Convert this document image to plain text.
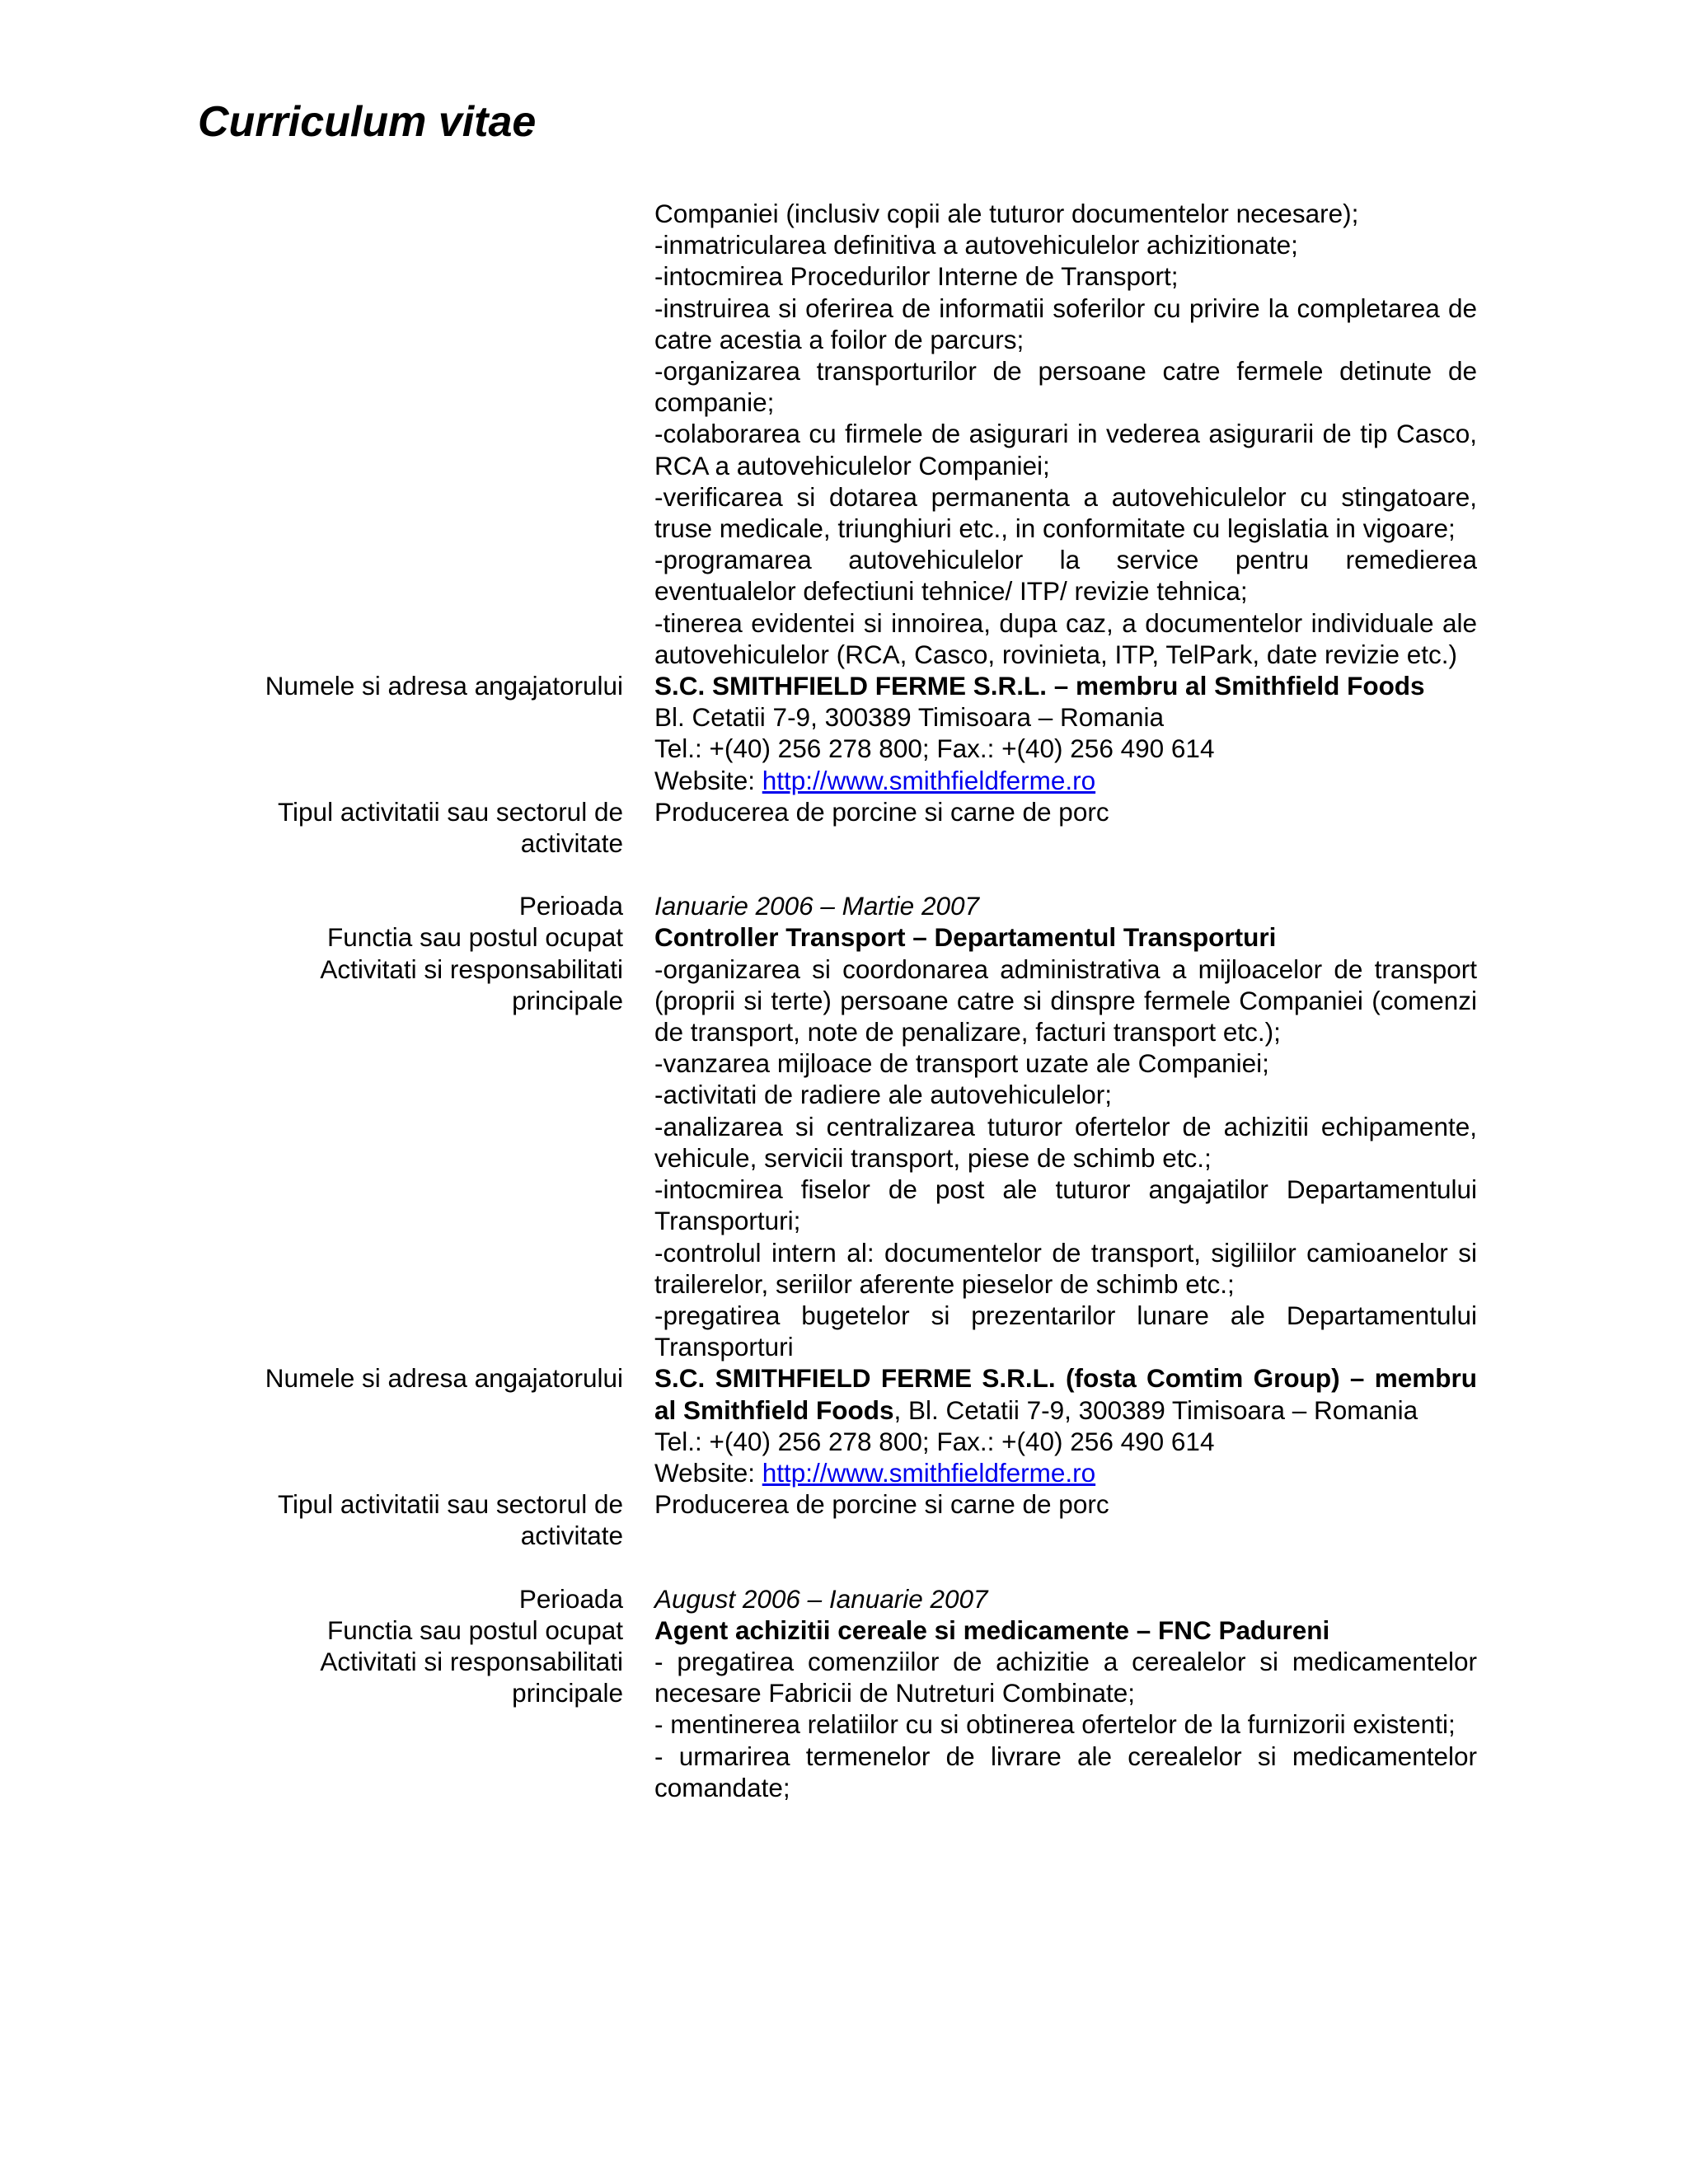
Curriculum vitae
Companiei (inclusiv copii ale tuturor documentelor necesare);
-inmatricularea definitiva a autovehiculelor achizitionate;
-intocmirea Procedurilor Interne de Transport;
-instruirea si oferirea de informatii soferilor cu privire la completarea de catre acestia a foilor de parcurs;
-organizarea transporturilor de persoane catre fermele detinute de companie;
-colaborarea cu firmele de asigurari in vederea asigurarii de tip Casco, RCA a autovehiculelor Companiei;
-verificarea si dotarea permanenta a autovehiculelor cu stingatoare, truse medicale, triunghiuri etc., in conformitate cu legislatia in vigoare;
-programarea autovehiculelor la service pentru remedierea eventualelor defectiuni tehnice/ ITP/ revizie tehnica;
-tinerea evidentei si innoirea, dupa caz, a documentelor individuale ale autovehiculelor (RCA, Casco, rovinieta, ITP, TelPark, date revizie etc.)
Numele si adresa angajatorului S.C. SMITHFIELD FERME S.R.L. – membru al Smithfield Foods
Bl. Cetatii 7-9, 300389 Timisoara – Romania
Tel.: +(40) 256 278 800; Fax.: +(40) 256 490 614
Website: http://www.smithfieldferme.ro
Tipul activitatii sau sectorul de
activitate
Producerea de porcine si carne de porc
Perioada Ianuarie 2006 – Martie 2007
Functia sau postul ocupat Controller Transport – Departamentul Transporturi
Activitati si responsabilitati
principale
-organizarea si coordonarea administrativa a mijloacelor de transport (proprii si terte) persoane catre si dinspre fermele Companiei (comenzi de transport, note de penalizare, facturi transport etc.);
-vanzarea mijloace de transport uzate ale Companiei;
-activitati de radiere ale autovehiculelor;
-analizarea si centralizarea tuturor ofertelor de achizitii echipamente, vehicule, servicii transport, piese de schimb etc.;
-intocmirea fiselor de post ale tuturor angajatilor Departamentului Transporturi;
-controlul intern al: documentelor de transport, sigiliilor camioanelor si trailerelor, seriilor aferente pieselor de schimb etc.;
-pregatirea bugetelor si prezentarilor lunare ale Departamentului Transporturi
Numele si adresa angajatorului S.C. SMITHFIELD FERME S.R.L. (fosta Comtim Group) – membru al Smithfield Foods, Bl. Cetatii 7-9, 300389 Timisoara – Romania
Tel.: +(40) 256 278 800; Fax.: +(40) 256 490 614
Website: http://www.smithfieldferme.ro
Tipul activitatii sau sectorul de
activitate
Producerea de porcine si carne de porc
Perioada August 2006 – Ianuarie 2007
Functia sau postul ocupat Agent achizitii cereale si medicamente – FNC Padureni
Activitati si responsabilitati
principale
- pregatirea comenziilor de achizitie a cerealelor si medicamentelor necesare Fabricii de Nutreturi Combinate;
- mentinerea relatiilor cu si obtinerea ofertelor de la furnizorii existenti;
- urmarirea termenelor de livrare ale cerealelor si medicamentelor comandate;
